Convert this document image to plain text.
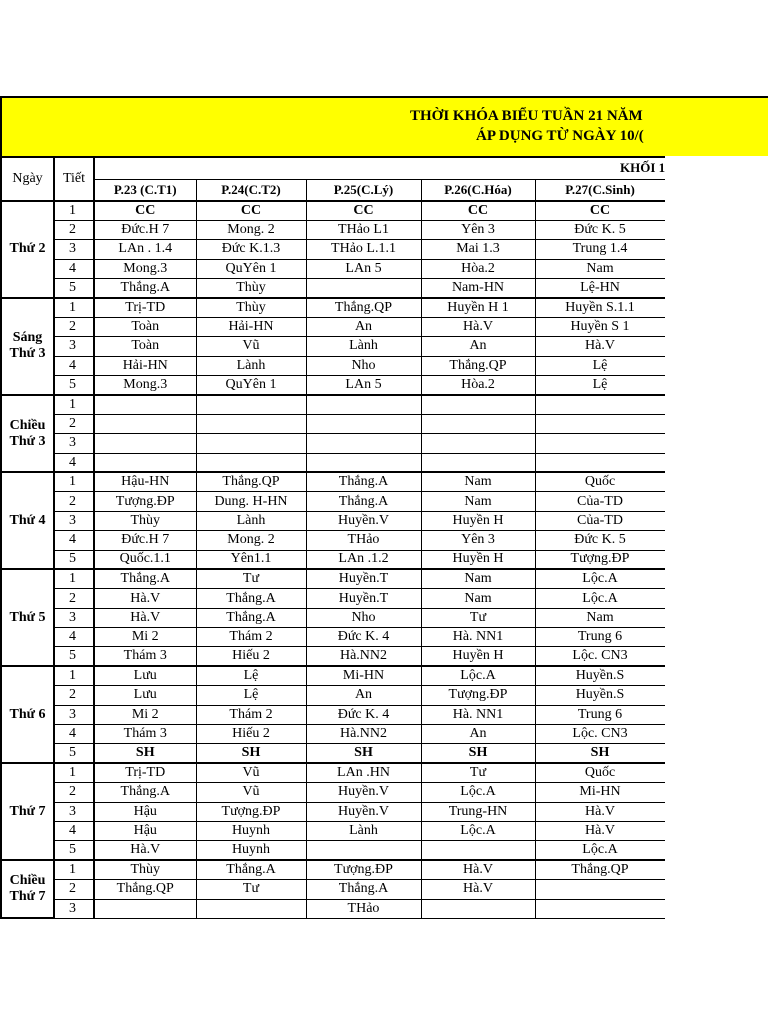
THỜI KHÓA BIỂU TUẦN 21 NĂM
ÁP DỤNG TỪ NGÀY 10/(
Ngày	Tiết					
		P.23 (C.T1)	P.24(C.T2)	P.25(C.Lý)	P.26(C.Hóa)	P.27(C.Sinh)

Thứ 2	1	CC	CC	CC	CC	CC
	2	Đức.H 7	Mong. 2	THảo L1	Yên 3	Đức K. 5
	3	LAn . 1.4	Đức K.1.3	THảo L.1.1	Mai 1.3	Trung 1.4
	4	Mong.3	QuYên 1	LAn 5	Hòa.2	Nam
	5	Thắng.A	Thùy		Nam-HN	Lệ-HN

Sáng
Thứ 3	1	Trị-TD	Thùy	Thắng.QP	Huyền H 1	Huyền S.1.1
	2	Toàn	Hải-HN	An	Hà.V	Huyền S 1
	3	Toàn	Vũ	Lành	An	Hà.V
	4	Hải-HN	Lành	Nho	Thắng.QP	Lệ
	5	Mong.3	QuYên 1	LAn 5	Hòa.2	Lệ

Chiều
Thứ 3	1					
	2					
	3					
	4					

Thứ 4	1	Hậu-HN	Thắng.QP	Thắng.A	Nam	Quốc
	2	Tượng.ĐP	Dung. H-HN	Thắng.A	Nam	Của-TD
	3	Thùy	Lành	Huyền.V	Huyền H	Của-TD
	4	Đức.H 7	Mong. 2	THảo	Yên 3	Đức K. 5
	5	Quốc.1.1	Yên1.1	LAn .1.2	Huyền H	Tượng.ĐP

Thứ 5	1	Thắng.A	Tư	Huyền.T	Nam	Lộc.A
	2	Hà.V	Thắng.A	Huyền.T	Nam	Lộc.A
	3	Hà.V	Thắng.A	Nho	Tư	Nam
	4	Mi 2	Thám 2	Đức K. 4	Hà. NN1	Trung 6
	5	Thám 3	Hiếu 2	Hà.NN2	Huyền H	Lộc. CN3

Thứ 6	1	Lưu	Lệ	Mi-HN	Lộc.A	Huyền.S
	2	Lưu	Lệ	An	Tượng.ĐP	Huyền.S
	3	Mi 2	Thám 2	Đức K. 4	Hà. NN1	Trung 6
	4	Thám 3	Hiếu 2	Hà.NN2	An	Lộc. CN3
	5	SH	SH	SH	SH	SH

Thứ 7	1	Trị-TD	Vũ	LAn .HN	Tư	Quốc
	2	Thắng.A	Vũ	Huyền.V	Lộc.A	Mi-HN
	3	Hậu	Tượng.ĐP	Huyền.V	Trung-HN	Hà.V
	4	Hậu	Huynh	Lành	Lộc.A	Hà.V
	5	Hà.V	Huynh			Lộc.A

Chiều
Thứ 7	1	Thùy	Thắng.A	Tượng.ĐP	Hà.V	Thắng.QP
	2	Thắng.QP	Tư	Thắng.A	Hà.V	
	3			THảo		
KHỐI 1
